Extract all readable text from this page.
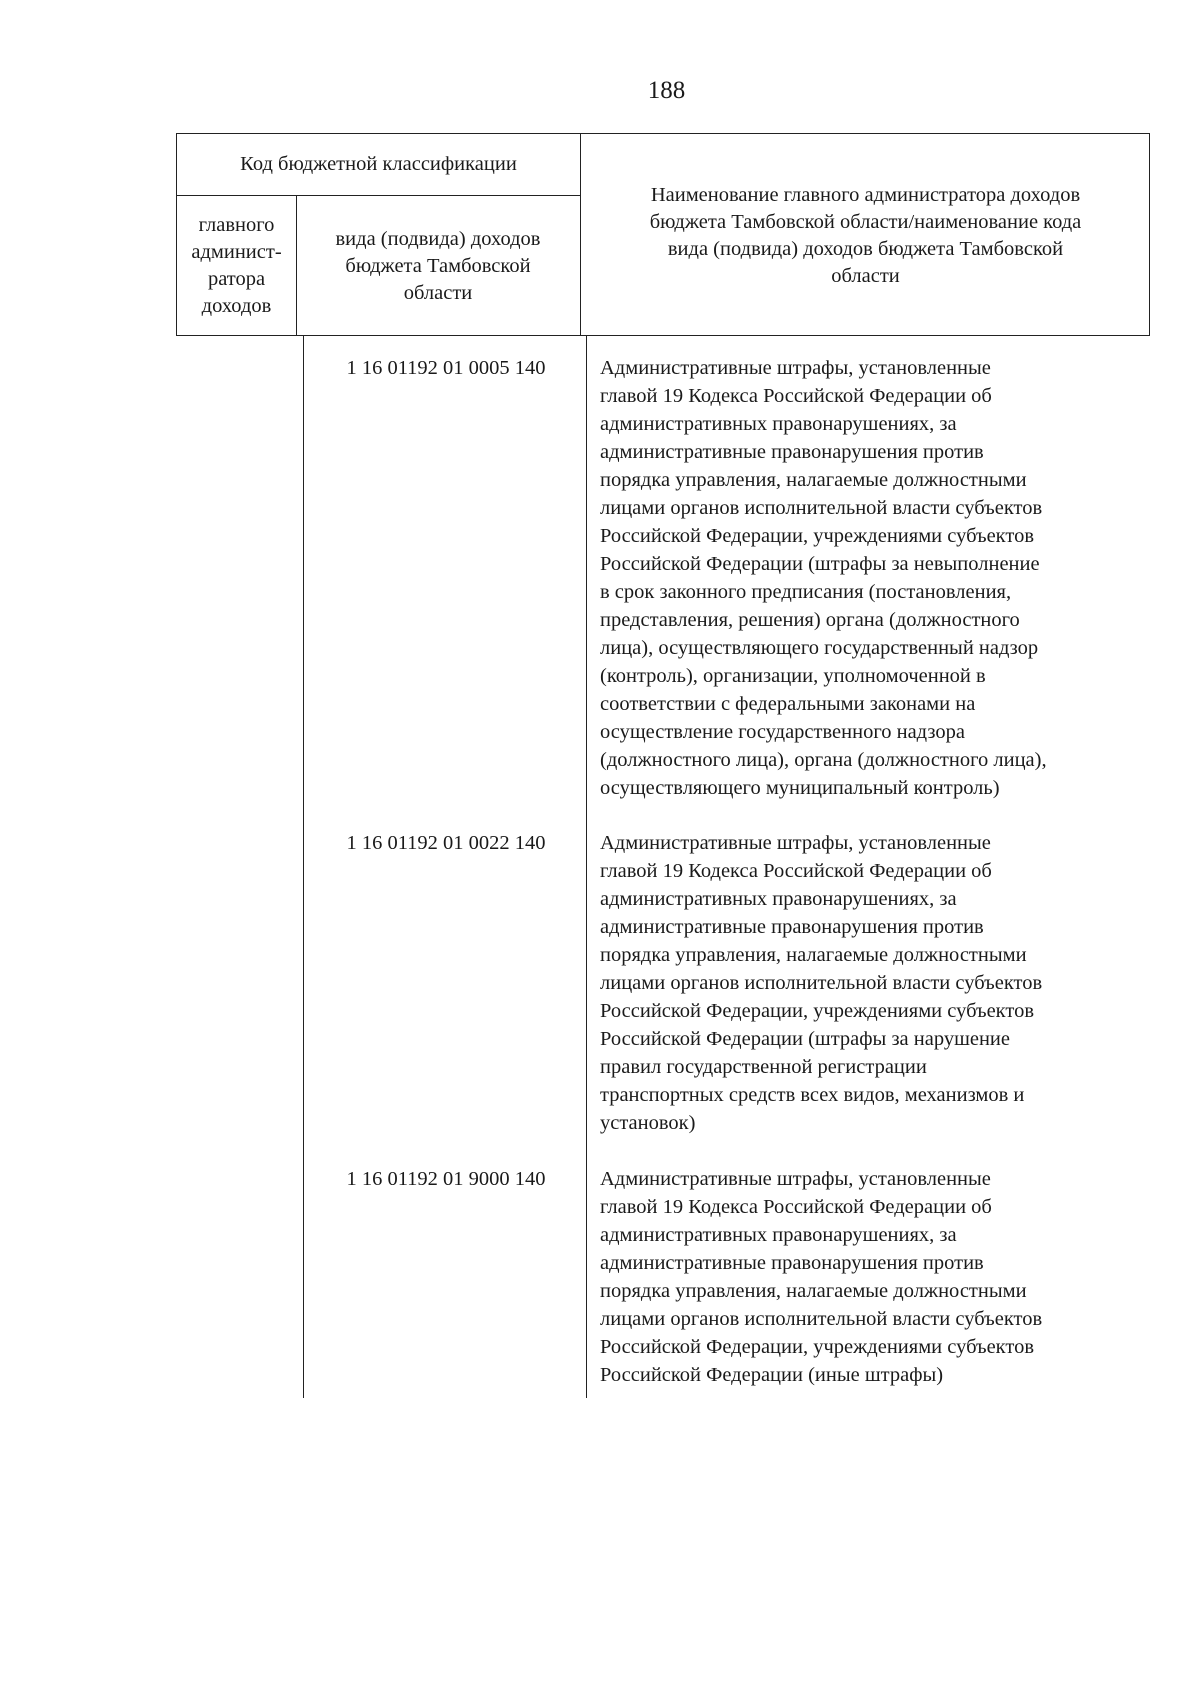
188
Код бюджетной классификации
главного
админист-
ратора
доходов
вида (подвида) доходов
бюджета Тамбовской
области
Наименование главного администратора доходов
бюджета Тамбовской области/наименование кода
вида (подвида) доходов бюджета Тамбовской
области
1 16 01192 01 0005 140	Административные штрафы, установленные
главой 19 Кодекса Российской Федерации об
административных правонарушениях, за
административные правонарушения против
порядка управления, налагаемые должностными
лицами органов исполнительной власти субъектов
Российской Федерации, учреждениями субъектов
Российской Федерации (штрафы за невыполнение
в срок законного предписания (постановления,
представления, решения) органа (должностного
лица), осуществляющего государственный надзор
(контроль), организации, уполномоченной в
соответствии с федеральными законами на
осуществление государственного надзора
(должностного лица), органа (должностного лица),
осуществляющего муниципальный контроль)
1 16 01192 01 0022 140	Административные штрафы, установленные
главой 19 Кодекса Российской Федерации об
административных правонарушениях, за
административные правонарушения против
порядка управления, налагаемые должностными
лицами органов исполнительной власти субъектов
Российской Федерации, учреждениями субъектов
Российской Федерации (штрафы за нарушение
правил государственной регистрации
транспортных средств всех видов, механизмов и
установок)
1 16 01192 01 9000 140	Административные штрафы, установленные
главой 19 Кодекса Российской Федерации об
административных правонарушениях, за
административные правонарушения против
порядка управления, налагаемые должностными
лицами органов исполнительной власти субъектов
Российской Федерации, учреждениями субъектов
Российской Федерации (иные штрафы)
